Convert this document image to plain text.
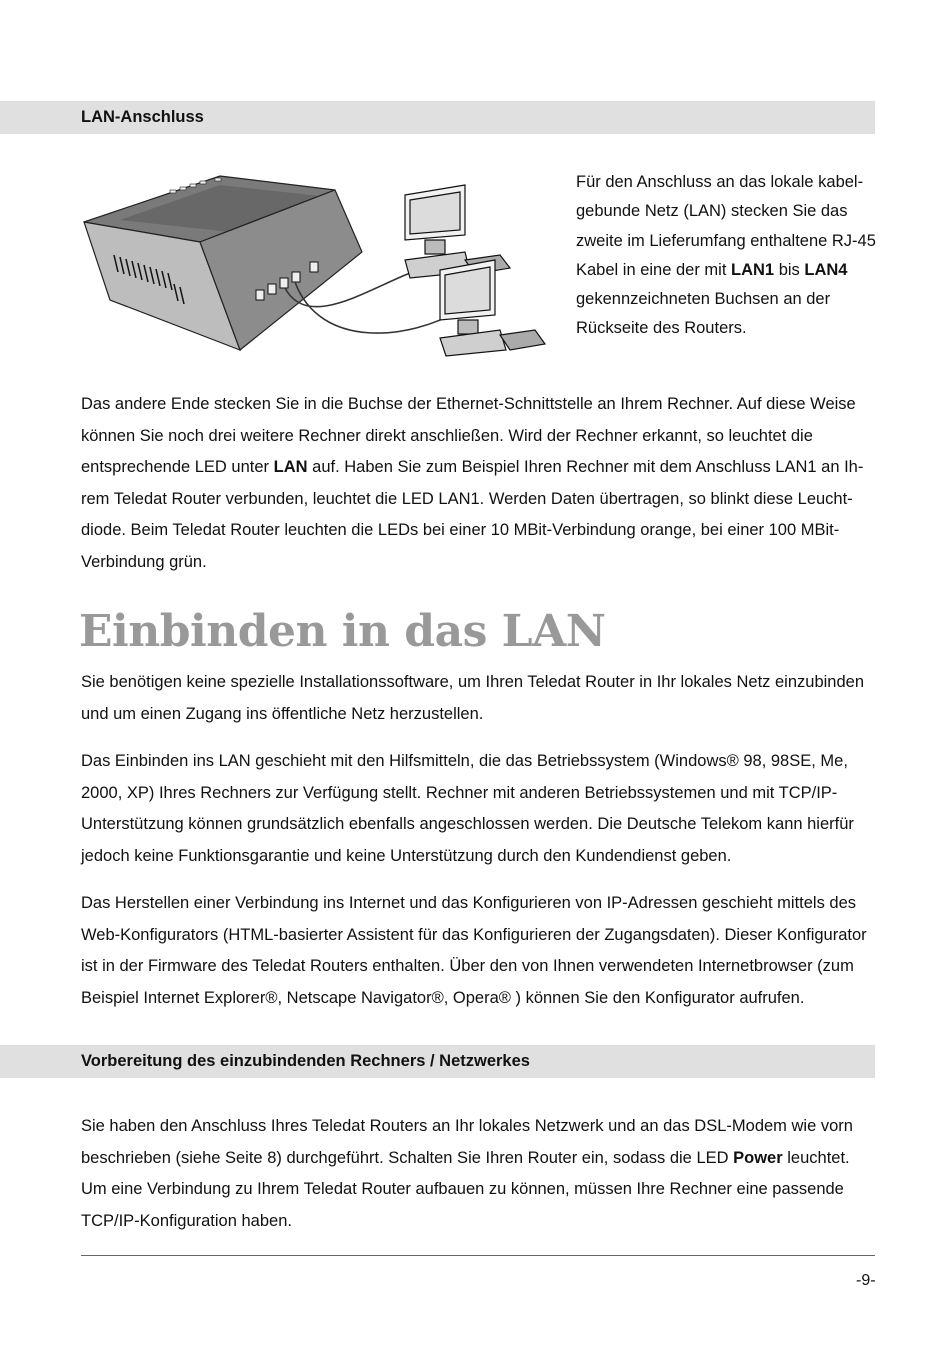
LAN-Anschluss

Für den Anschluss an das lokale kabel- gebunde Netz (LAN) stecken Sie das zweite im Lieferumfang enthaltene RJ-45 Kabel in eine der mit LAN1 bis LAN4 gekennzeichneten Buchsen an der Rückseite des Routers.

Das andere Ende stecken Sie in die Buchse der Ethernet-Schnittstelle an Ihrem Rechner. Auf diese Weise können Sie noch drei weitere Rechner direkt anschließen. Wird der Rechner erkannt, so leuchtet die entsprechende LED unter LAN auf. Haben Sie zum Beispiel Ihren Rechner mit dem Anschluss LAN1 an Ih- rem Teledat Router verbunden, leuchtet die LED LAN1. Werden Daten übertragen, so blinkt diese Leucht- diode. Beim Teledat Router leuchten die LEDs bei einer 10 MBit-Verbindung orange, bei einer 100 MBit- Verbindung grün.

Einbinden in das LAN

Sie benötigen keine spezielle Installationssoftware, um Ihren Teledat Router in Ihr lokales Netz einzubinden und um einen Zugang ins öffentliche Netz herzustellen.

Das Einbinden ins LAN geschieht mit den Hilfsmitteln, die das Betriebssystem (Windows® 98, 98SE, Me, 2000, XP) Ihres Rechners zur Verfügung stellt. Rechner mit anderen Betriebssystemen und mit TCP/IP- Unterstützung können grundsätzlich ebenfalls angeschlossen werden. Die Deutsche Telekom kann hierfür jedoch keine Funktionsgarantie und keine Unterstützung durch den Kundendienst geben.

Das Herstellen einer Verbindung ins Internet und das Konfigurieren von IP-Adressen geschieht mittels des Web-Konfigurators (HTML-basierter Assistent für das Konfigurieren der Zugangsdaten). Dieser Konfigurator ist in der Firmware des Teledat Routers enthalten. Über den von Ihnen verwendeten Internetbrowser (zum Beispiel Internet Explorer®, Netscape Navigator®, Opera® ) können Sie den Konfigurator aufrufen.

Vorbereitung des einzubindenden Rechners / Netzwerkes

Sie haben den Anschluss Ihres Teledat Routers an Ihr lokales Netzwerk und an das DSL-Modem wie vorn beschrieben (siehe Seite 8) durchgeführt. Schalten Sie Ihren Router ein, sodass die LED Power leuchtet. Um eine Verbindung zu Ihrem Teledat Router aufbauen zu können, müssen Ihre Rechner eine passende TCP/IP-Konfiguration haben.

-9-
